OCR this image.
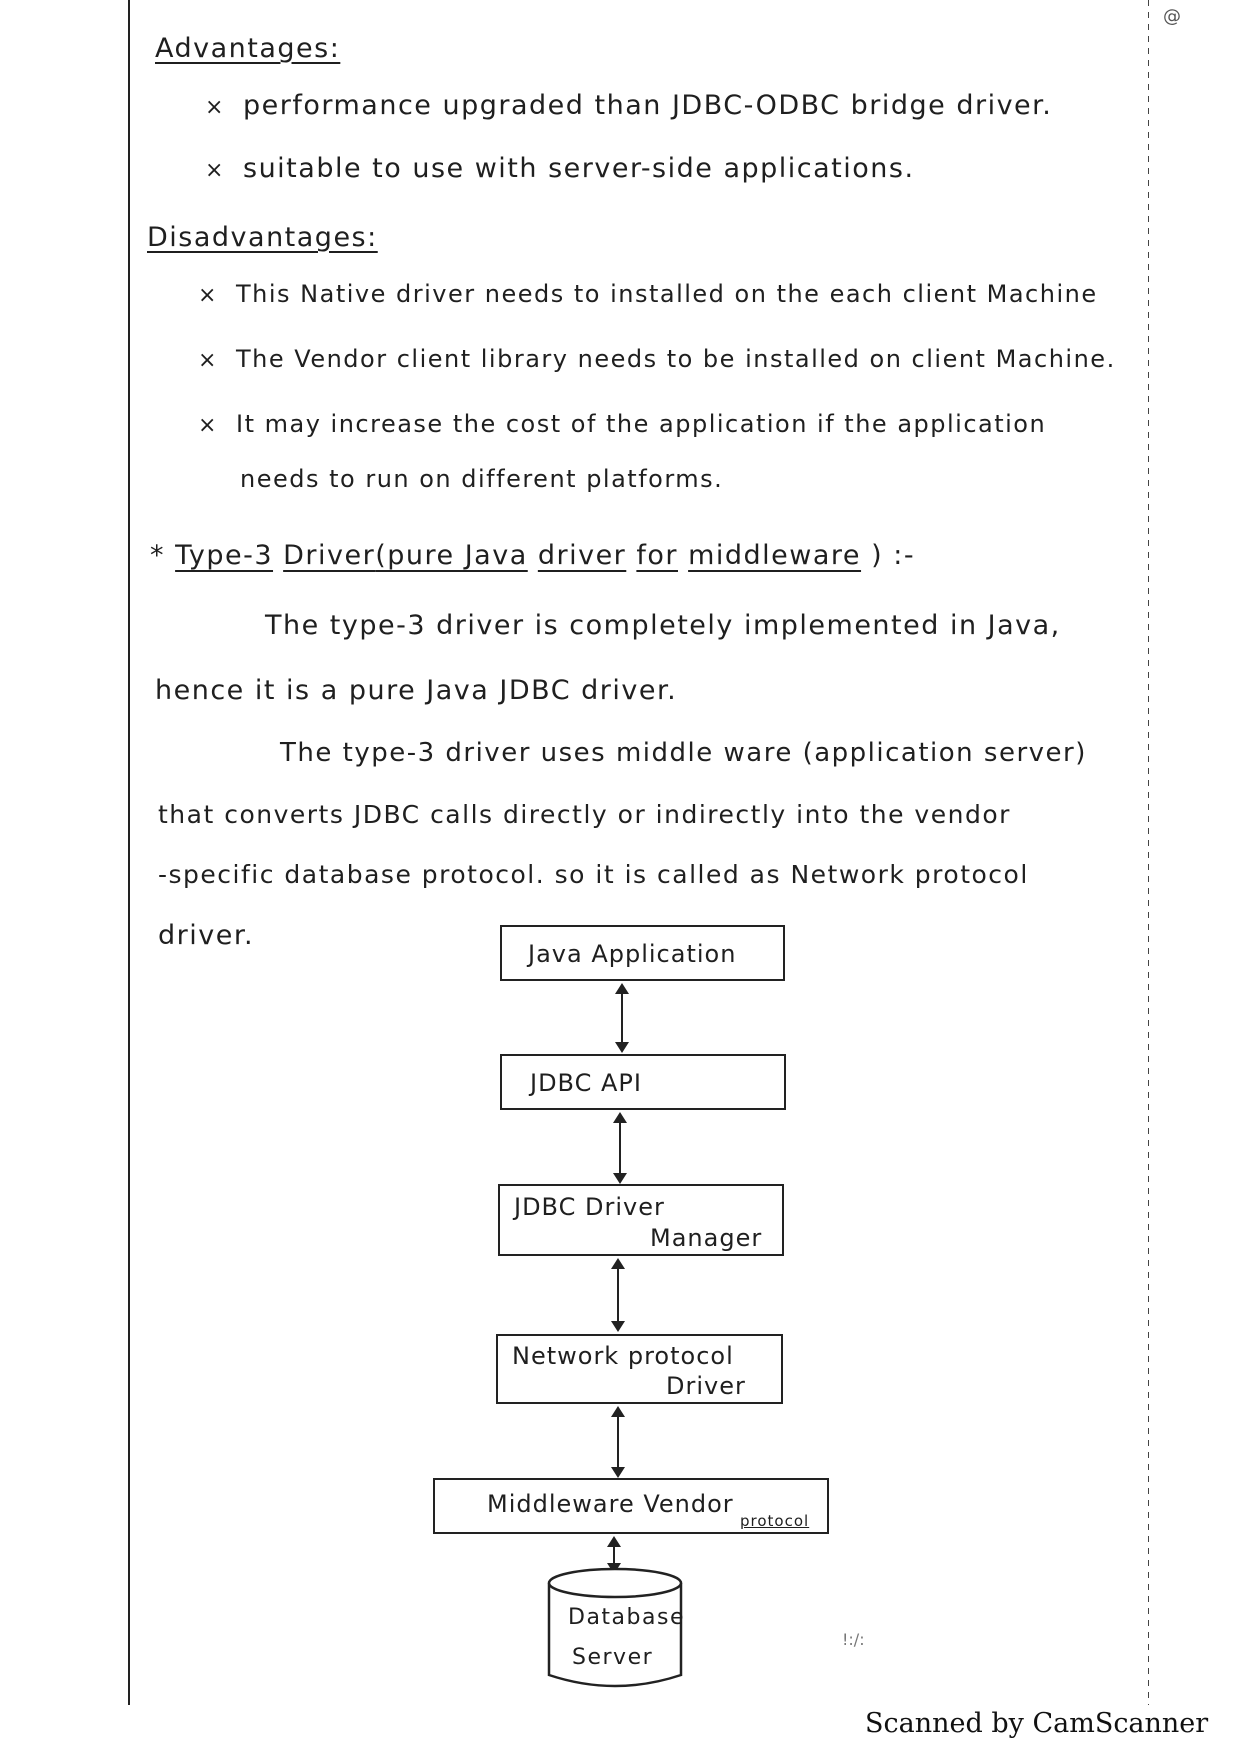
@
Advantages:
× performance upgraded than JDBC-ODBC bridge driver.
× suitable to use with server-side applications.
Disadvantages:
× This Native driver needs to installed on the each client Machine
× The Vendor client library needs to be installed on client Machine.
× It may increase the cost of the application if the application
needs to run on different platforms.
* Type-3 Driver(pure Java driver for middleware ) :-
The type-3 driver is completely implemented in Java,
hence it is a pure Java JDBC driver.
The type-3 driver uses middle ware (application server)
that converts JDBC calls directly or indirectly into the vendor
-specific database protocol. so it is called as Network protocol
driver.
Java Application
JDBC API
JDBC Driver
Manager
Network protocol
Driver
Middleware Vendor
protocol
Database
Server
!:/:
Scanned by CamScanner
